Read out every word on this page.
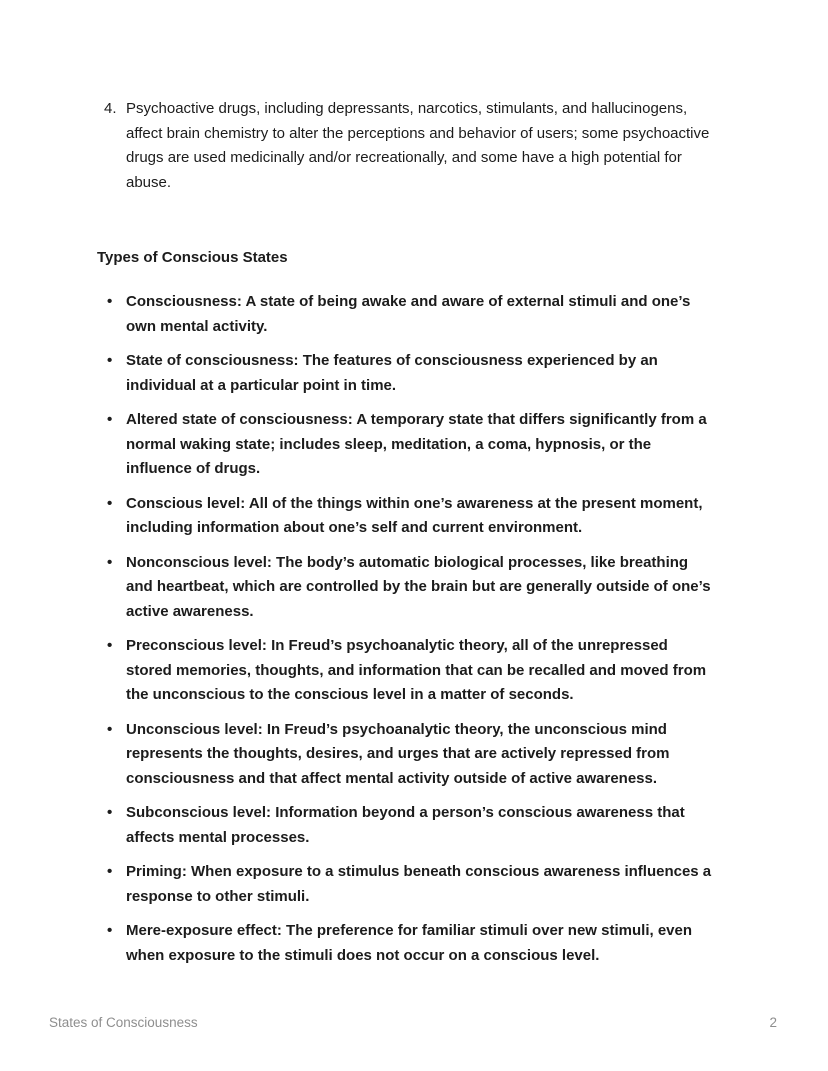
4. Psychoactive drugs, including depressants, narcotics, stimulants, and hallucinogens, affect brain chemistry to alter the perceptions and behavior of users; some psychoactive drugs are used medicinally and/or recreationally, and some have a high potential for abuse.

Types of Conscious States
• Consciousness: A state of being awake and aware of external stimuli and one’s own mental activity.

• State of consciousness: The features of consciousness experienced by an individual at a particular point in time.

• Altered state of consciousness: A temporary state that differs significantly from a normal waking state; includes sleep, meditation, a coma, hypnosis, or the influence of drugs.

• Conscious level: All of the things within one’s awareness at the present moment, including information about one’s self and current environment.

• Nonconscious level: The body’s automatic biological processes, like breathing and heartbeat, which are controlled by the brain but are generally outside of one’s active awareness.

• Preconscious level: In Freud’s psychoanalytic theory, all of the unrepressed stored memories, thoughts, and information that can be recalled and moved from the unconscious to the conscious level in a matter of seconds.

• Unconscious level: In Freud’s psychoanalytic theory, the unconscious mind represents the thoughts, desires, and urges that are actively repressed from consciousness and that affect mental activity outside of active awareness.

• Subconscious level: Information beyond a person’s conscious awareness that affects mental processes.

• Priming: When exposure to a stimulus beneath conscious awareness influences a response to other stimuli.

• Mere-exposure effect: The preference for familiar stimuli over new stimuli, even when exposure to the stimuli does not occur on a conscious level.

States of Consciousness	2
